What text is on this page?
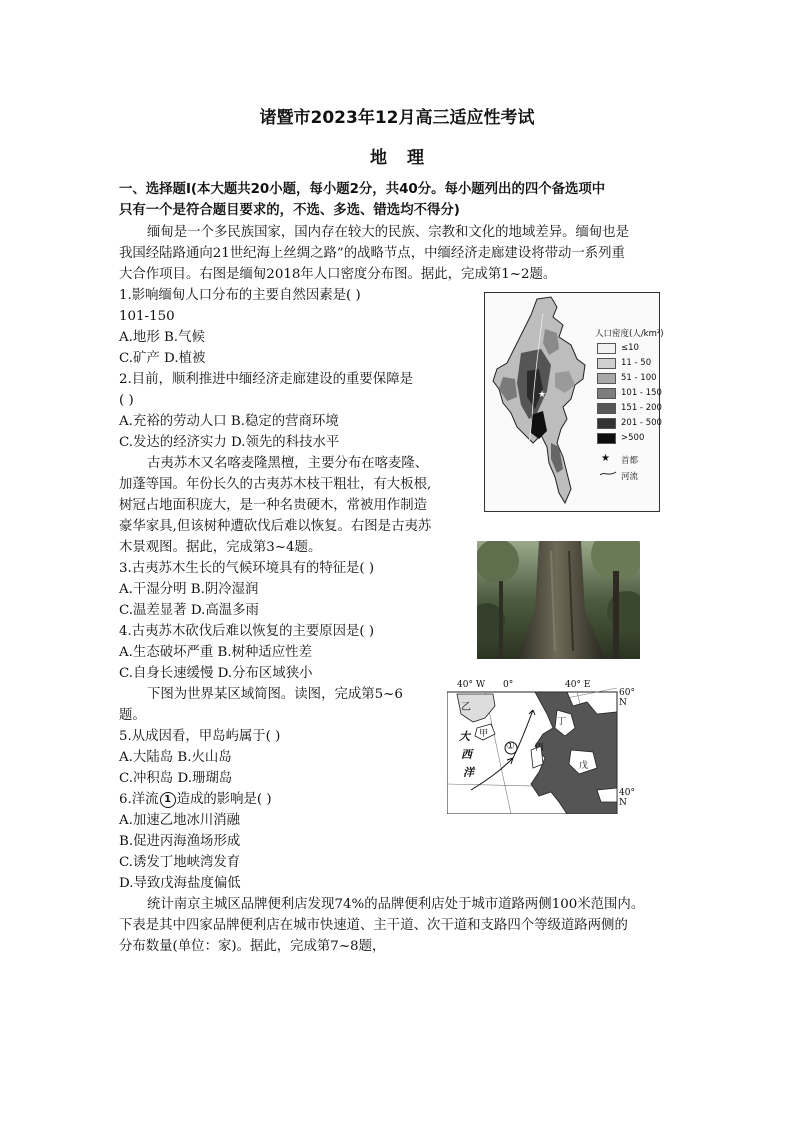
诸暨市2023年12月高三适应性考试
地理
一、选择题Ⅰ(本大题共20小题，每小题2分，共40分。每小题列出的四个备选项中
只有一个是符合题目要求的，不选、多选、错选均不得分)
缅甸是一个多民族国家，国内存在较大的民族、宗教和文化的地域差异。缅甸也是
我国经陆路通向21世纪海上丝绸之路”的战略节点，中缅经济走廊建设将带动一系列重
大合作项目。右图是缅甸2018年人口密度分布图。据此，完成第1~2题。
1.影响缅甸人口分布的主要自然因素是( )
101-150
A.地形 B.气候
C.矿产 D.植被
2.目前，顺利推进中缅经济走廊建设的重要保障是
( )
A.充裕的劳动人口 B.稳定的营商环境
C.发达的经济实力 D.领先的科技水平
古夷苏木又名喀麦隆黑檀，主要分布在喀麦隆、
加蓬等国。年份长久的古夷苏木枝干粗壮，有大板根,
树冠占地面积庞大，是一种名贵硬木，常被用作制造
豪华家具,但该树种遭砍伐后难以恢复。右图是古夷苏
木景观图。据此，完成第3~4题。
3.古夷苏木生长的气候环境具有的特征是( )
A.干湿分明 B.阴冷湿润
C.温差显著 D.高温多雨
4.古夷苏木砍伐后难以恢复的主要原因是( )
A.生态破坏严重 B.树种适应性差
C.自身长速缓慢 D.分布区域狭小
下图为世界某区域简图。读图，完成第5~6
题。
5.从成因看，甲岛屿属于( )
A.大陆岛 B.火山岛
C.冲积岛 D.珊瑚岛
6.洋流 1 造成的影响是( )
A.加速乙地冰川消融
B.促进丙海渔场形成
C.诱发丁地峡湾发育
D.导致戊海盐度偏低
统计南京主城区品牌便利店发现74%的品牌便利店处于城市道路两侧100米范围内。
下表是其中四家品牌便利店在城市快速道、主干道、次干道和支路四个等级道路两侧的
分布数量(单位：家)。据此，完成第7~8题，
★
人口密度(人/km²)
≤10
11 - 50
51 - 100
101 - 150
151 - 200
201 - 500
>500
★ 首都
河流
①
40° W 0°	40° E
60° N
40° N
乙
甲
丙
丁
戊
大
西
洋
